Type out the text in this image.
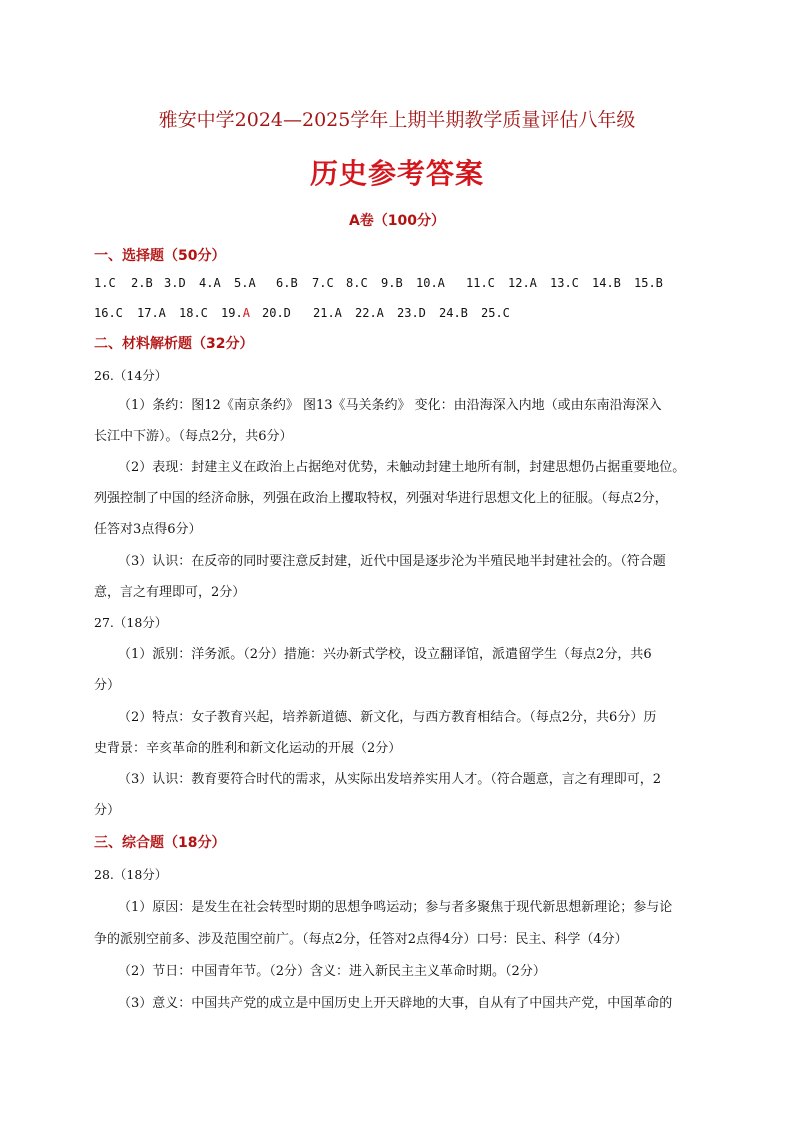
雅安中学2024—2025学年上期半期教学质量评估八年级
历史参考答案
A卷（100分）
一、选择题（50分）
1.C 2.B 3.D 4.A 5.A 6.B 7.C 8.C 9.B 10.A 11.C 12.A 13.C 14.B 15.B
16.C 17.A 18.C 19.A 20.D 21.A 22.A 23.D 24.B 25.C
二、材料解析题（32分）
26.（14分）
（1）条约：图12《南京条约》 图13《马关条约》 变化：由沿海深入内地（或由东南沿海深入
长江中下游）。（每点2分，共6分）
（2）表现：封建主义在政治上占据绝对优势，未触动封建土地所有制，封建思想仍占据重要地位。
列强控制了中国的经济命脉，列强在政治上攫取特权，列强对华进行思想文化上的征服。（每点2分，
任答对3点得6分）
（3）认识：在反帝的同时要注意反封建，近代中国是逐步沦为半殖民地半封建社会的。（符合题
意，言之有理即可，2分）
27.（18分）
（1）派别：洋务派。（2分）措施：兴办新式学校，设立翻译馆，派遣留学生（每点2分，共6
分）
（2）特点：女子教育兴起，培养新道德、新文化，与西方教育相结合。（每点2分，共6分）历
史背景：辛亥革命的胜利和新文化运动的开展（2分）
（3）认识：教育要符合时代的需求，从实际出发培养实用人才。（符合题意，言之有理即可，2
分）
三、综合题（18分）
28.（18分）
（1）原因：是发生在社会转型时期的思想争鸣运动；参与者多聚焦于现代新思想新理论；参与论
争的派别空前多、涉及范围空前广。（每点2分，任答对2点得4分）口号：民主、科学（4分）
（2）节日：中国青年节。（2分）含义：进入新民主主义革命时期。（2分）
（3）意义：中国共产党的成立是中国历史上开天辟地的大事，自从有了中国共产党，中国革命的
